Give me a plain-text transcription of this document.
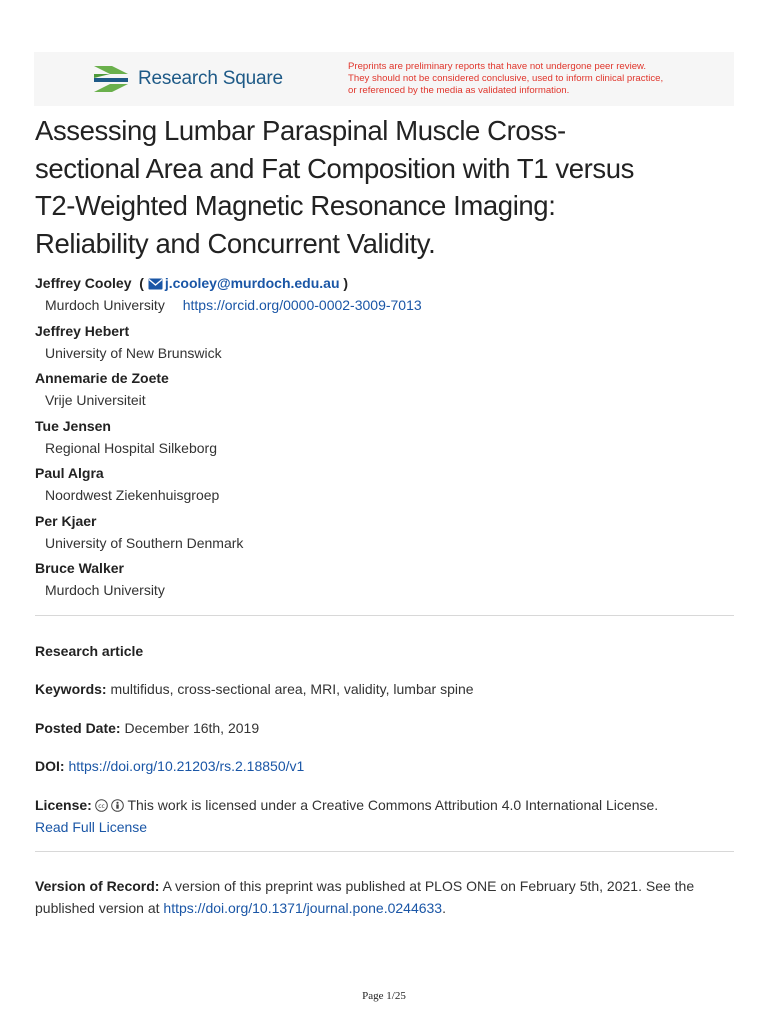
Research Square
Preprints are preliminary reports that have not undergone peer review.
They should not be considered conclusive, used to inform clinical practice,
or referenced by the media as validated information.
Assessing Lumbar Paraspinal Muscle Cross-
sectional Area and Fat Composition with T1 versus
T2-Weighted Magnetic Resonance Imaging:
Reliability and Concurrent Validity.
Jeffrey Cooley  ( j.cooley@murdoch.edu.au )
Murdoch University https://orcid.org/0000-0002-3009-7013
Jeffrey Hebert
University of New Brunswick
Annemarie de Zoete
Vrije Universiteit
Tue Jensen
Regional Hospital Silkeborg
Paul Algra
Noordwest Ziekenhuisgroep
Per Kjaer
University of Southern Denmark
Bruce Walker
Murdoch University
Research article
Keywords: multifidus, cross-sectional area, MRI, validity, lumbar spine
Posted Date: December 16th, 2019
DOI: https://doi.org/10.21203/rs.2.18850/v1
License: cc This work is licensed under a Creative Commons Attribution 4.0 International License.
Read Full License
Version of Record: A version of this preprint was published at PLOS ONE on February 5th, 2021. See the
published version at https://doi.org/10.1371/journal.pone.0244633.
Page 1/25
